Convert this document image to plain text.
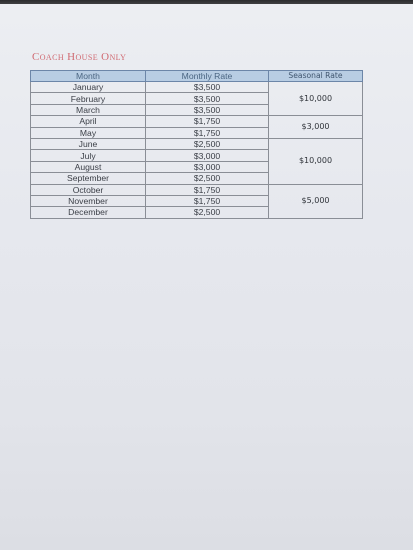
Coach House Only
Month	Monthly Rate	Seasonal Rate
January	$3,500	$10,000
February	$3,500	
March	$3,500	
April	$1,750	$3,000
May	$1,750	
June	$2,500	$10,000
July	$3,000	
August	$3,000	
September	$2,500	
October	$1,750	$5,000
November	$1,750	
December	$2,500	
